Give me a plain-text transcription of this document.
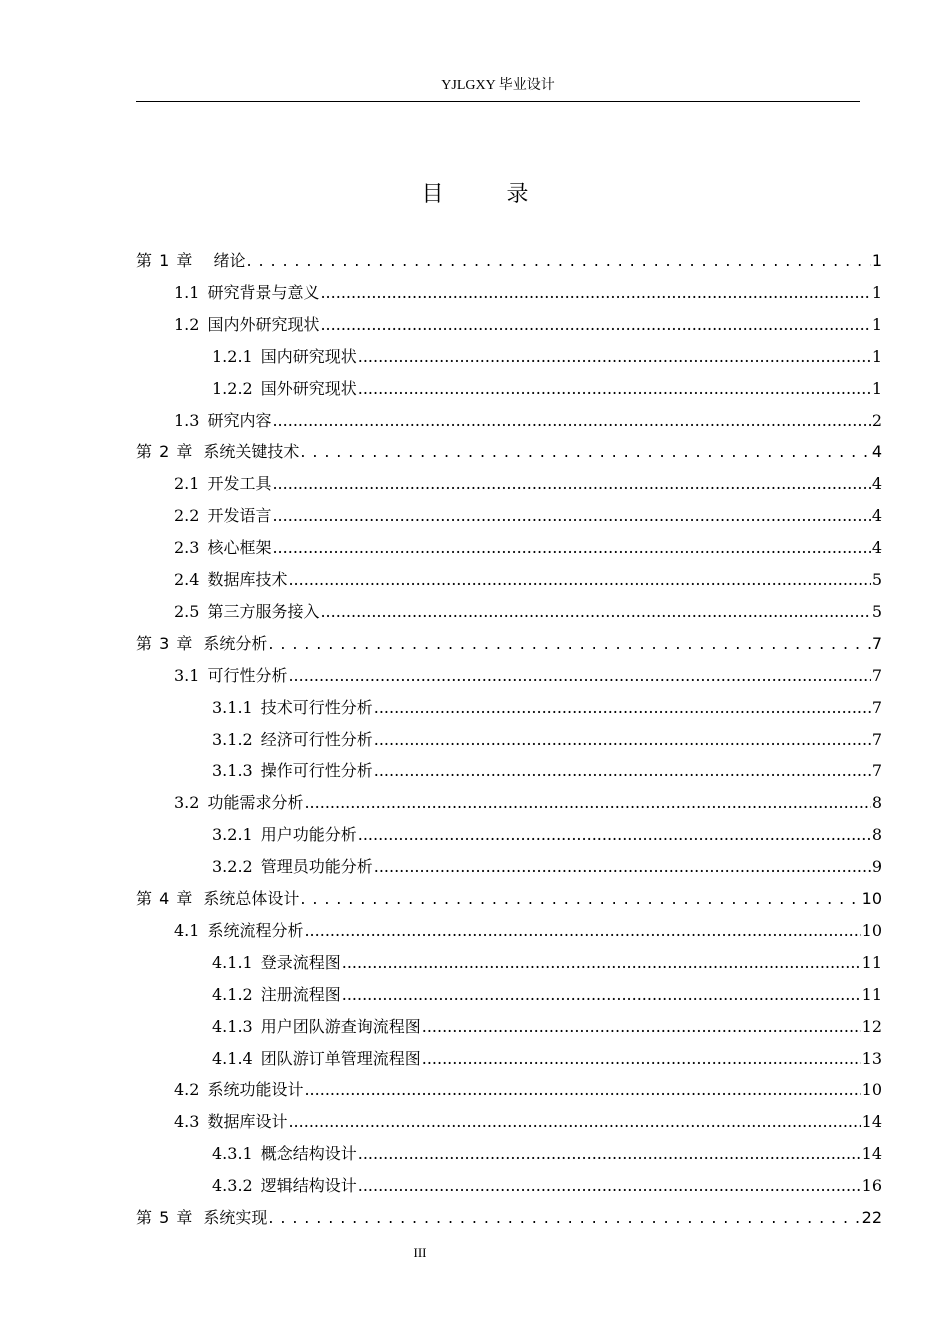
YJLGXY 毕业设计
目 录
第 1 章 绪论 . . .	1
1.1 研究背景与意义 .....	1
1.2 国内外研究现状 .....	1
1.2.1 国内研究现状 .....	1
1.2.2 国外研究现状 .....	1
1.3 研究内容 .....	2
第 2 章 系统关键技术 . . .	4
2.1 开发工具 .....	4
2.2 开发语言 .....	4
2.3 核心框架 .....	4
2.4 数据库技术 .....	5
2.5 第三方服务接入 .....	5
第 3 章 系统分析 . . .	7
3.1 可行性分析 .....	7
3.1.1 技术可行性分析 .....	7
3.1.2 经济可行性分析 .....	7
3.1.3 操作可行性分析 .....	7
3.2 功能需求分析 .....	8
3.2.1 用户功能分析 .....	8
3.2.2 管理员功能分析 .....	9
第 4 章 系统总体设计 . . .	10
4.1 系统流程分析 .....	10
4.1.1 登录流程图 .....	11
4.1.2 注册流程图 .....	11
4.1.3 用户团队游查询流程图 .....	12
4.1.4 团队游订单管理流程图 .....	13
4.2 系统功能设计 .....	10
4.3 数据库设计 .....	14
4.3.1 概念结构设计 .....	14
4.3.2 逻辑结构设计 .....	16
第 5 章 系统实现 . . .	22
III
